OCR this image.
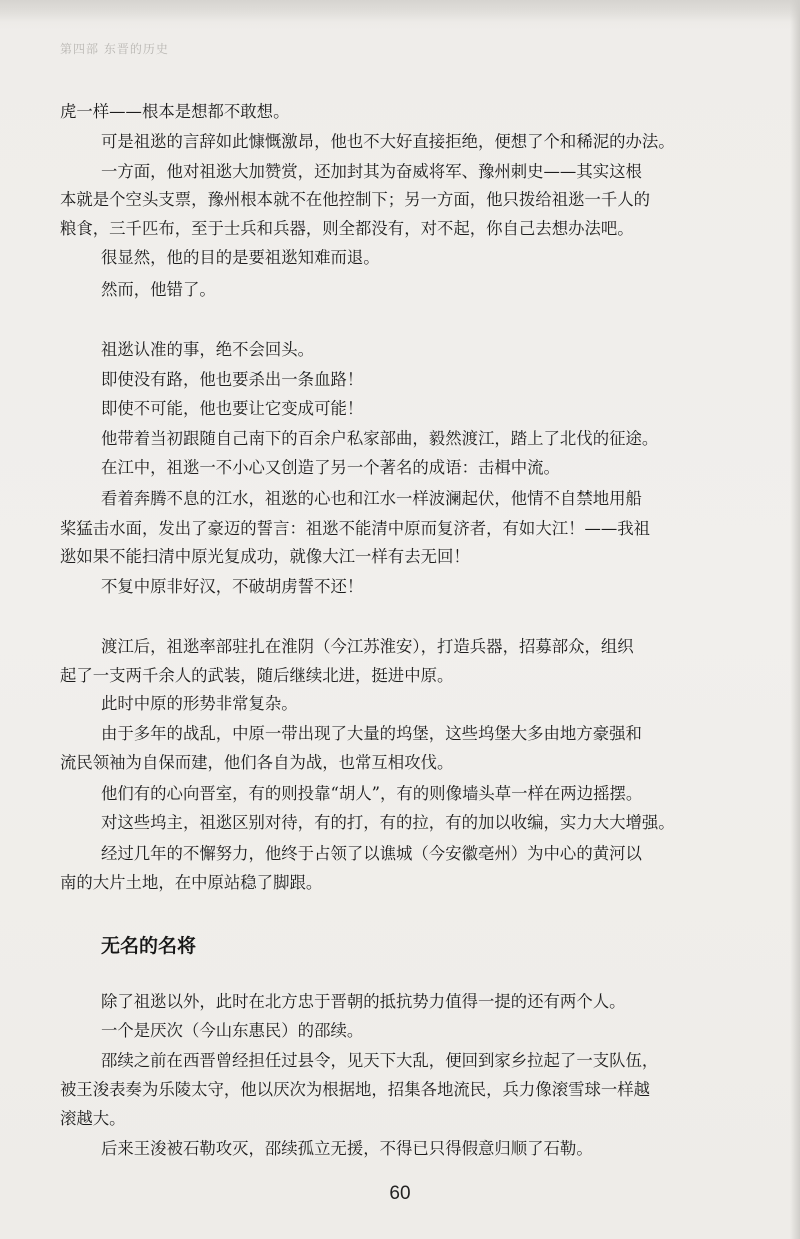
第四部 东晋的历史
虎一样——根本是想都不敢想。
可是祖逖的言辞如此慷慨激昂，他也不大好直接拒绝，便想了个和稀泥的办法。
一方面，他对祖逖大加赞赏，还加封其为奋威将军、豫州刺史——其实这根
本就是个空头支票，豫州根本就不在他控制下；另一方面，他只拨给祖逖一千人的
粮食，三千匹布，至于士兵和兵器，则全都没有，对不起，你自己去想办法吧。
很显然，他的目的是要祖逖知难而退。
然而，他错了。
祖逖认准的事，绝不会回头。
即使没有路，他也要杀出一条血路！
即使不可能，他也要让它变成可能！
他带着当初跟随自己南下的百余户私家部曲，毅然渡江，踏上了北伐的征途。
在江中，祖逖一不小心又创造了另一个著名的成语：击楫中流。
看着奔腾不息的江水，祖逖的心也和江水一样波澜起伏，他情不自禁地用船
桨猛击水面，发出了豪迈的誓言：祖逖不能清中原而复济者，有如大江！——我祖
逖如果不能扫清中原光复成功，就像大江一样有去无回！
不复中原非好汉，不破胡虏誓不还！
渡江后，祖逖率部驻扎在淮阴（今江苏淮安），打造兵器，招募部众，组织
起了一支两千余人的武装，随后继续北进，挺进中原。
此时中原的形势非常复杂。
由于多年的战乱，中原一带出现了大量的坞堡，这些坞堡大多由地方豪强和
流民领袖为自保而建，他们各自为战，也常互相攻伐。
他们有的心向晋室，有的则投靠“胡人”，有的则像墙头草一样在两边摇摆。
对这些坞主，祖逖区别对待，有的打，有的拉，有的加以收编，实力大大增强。
经过几年的不懈努力，他终于占领了以谯城（今安徽亳州）为中心的黄河以
南的大片土地，在中原站稳了脚跟。
无名的名将
除了祖逖以外，此时在北方忠于晋朝的抵抗势力值得一提的还有两个人。
一个是厌次（今山东惠民）的邵续。
邵续之前在西晋曾经担任过县令，见天下大乱，便回到家乡拉起了一支队伍，
被王浚表奏为乐陵太守，他以厌次为根据地，招集各地流民，兵力像滚雪球一样越
滚越大。
后来王浚被石勒攻灭，邵续孤立无援，不得已只得假意归顺了石勒。
60
